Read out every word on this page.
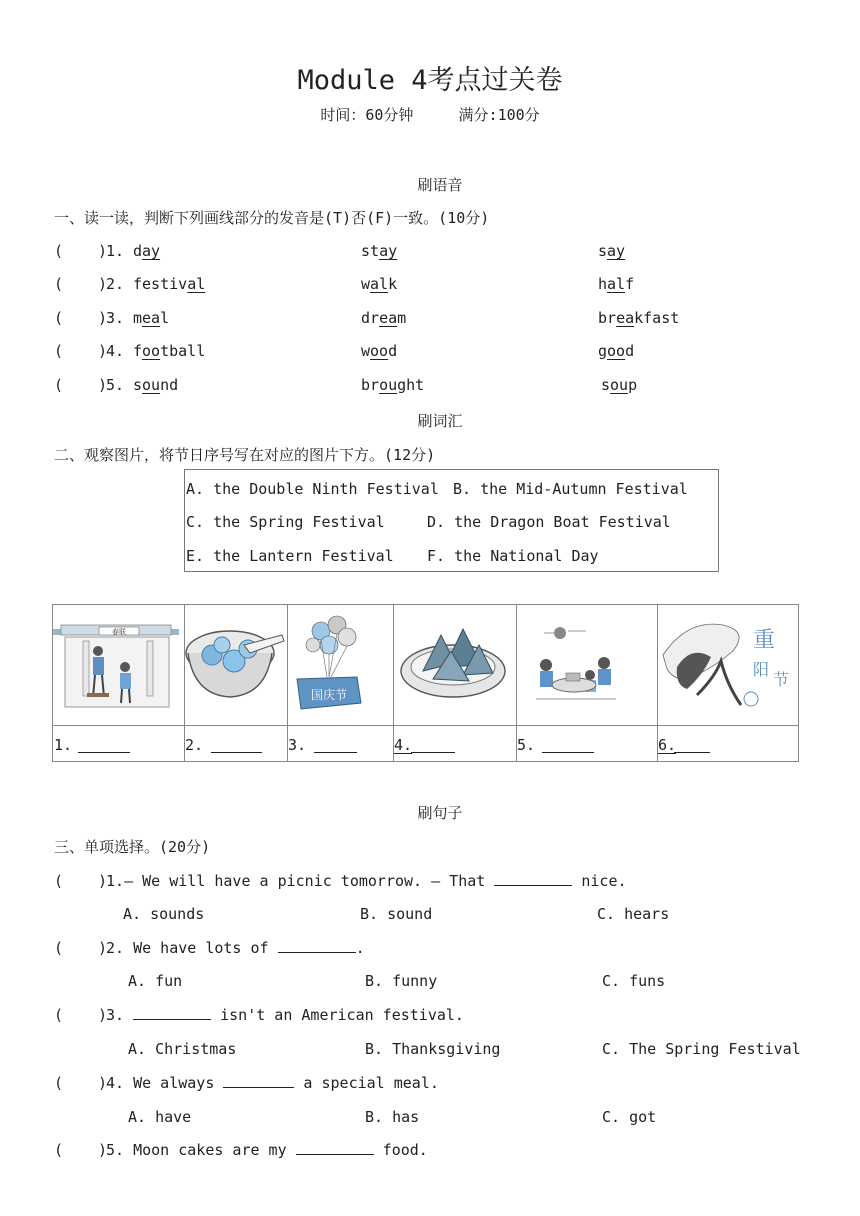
Module 4考点过关卷
时间：60分钟	满分:100分
刷语音
一、读一读，判断下列画线部分的发音是(T)否(F)一致。(10分)
( )
1. day	stay	say
( )
2. festival	walk	half
( )
3. meal	dream	breakfast
( )
4. football	wood	good
( )
5. sound	brought	soup
刷词汇
二、观察图片，将节日序号写在对应的图片下方。(12分)
A. the Double Ninth Festival B. the Mid-Autumn Festival
C. the Spring Festival	D. the Dragon Boat Festival
E. the Lantern Festival F. the National Day
春联
国庆节
重
阳
节
1.	2.	3.	4.	5.	6.
刷句子
三、单项选择。(20分)
( )
1.— We will have a picnic tomorrow. — That	nice.
A. sounds	B. sound	C. hears
( )
2. We have lots of	.
A. fun	B. funny	C. funs
( )
3.	isn't an American festival.
A. Christmas	B. Thanksgiving	C. The Spring Festival
( )
4. We always	a special meal.
A. have	B. has	C. got
( )
5. Moon cakes are my	food.
